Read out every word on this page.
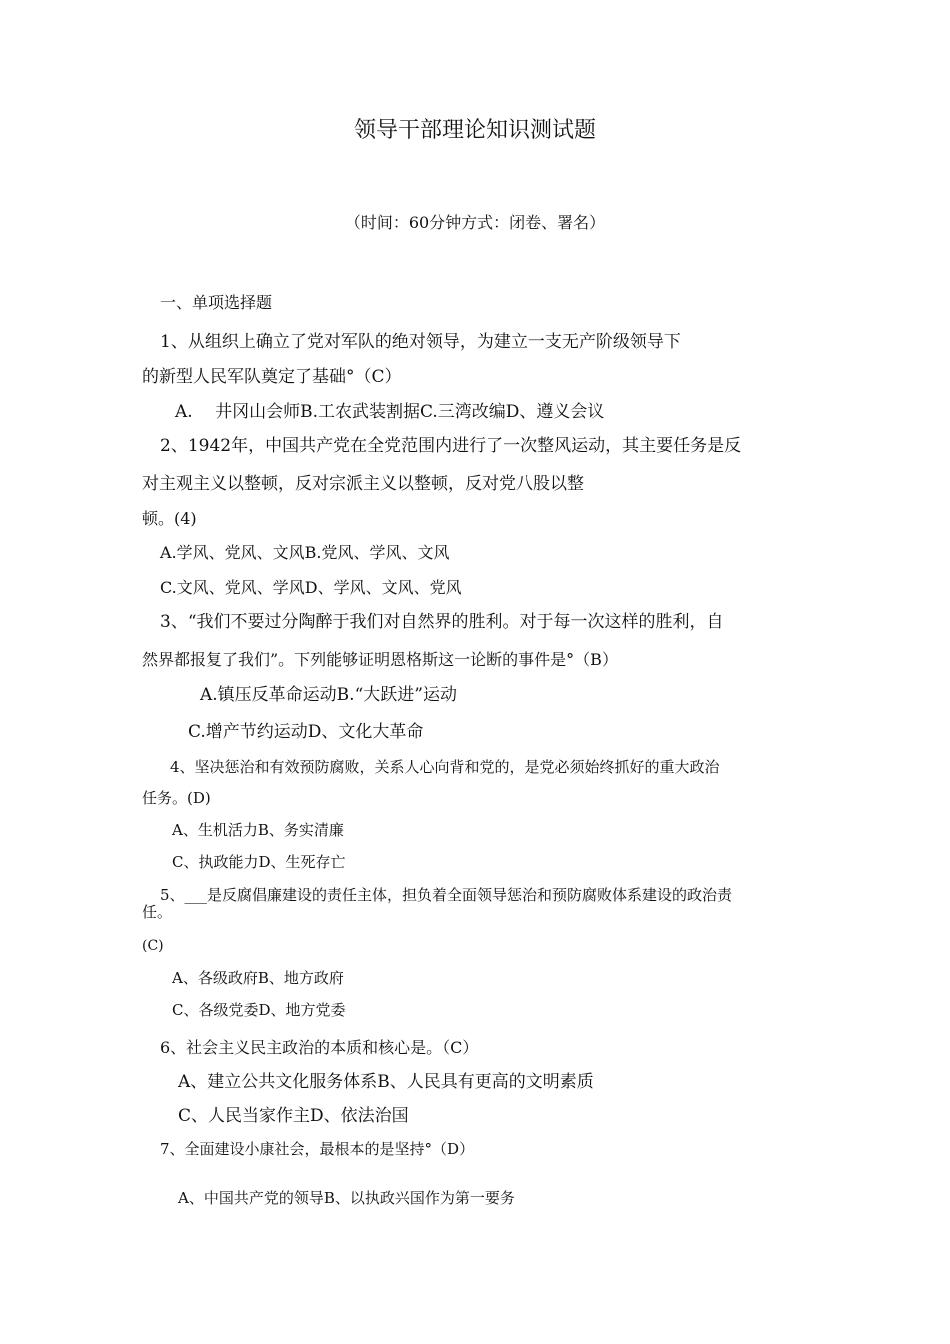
领导干部理论知识测试题
（时间：60分钟方式：闭卷、署名）
一、单项选择题
1、从组织上确立了党对军队的绝对领导，为建立一支无产阶级领导下
的新型人民军队奠定了基础°（C）
A.　 井冈山会师B.工农武装割据C.三湾改编D、遵义会议
2、1942年，中国共产党在全党范围内进行了一次整风运动，其主要任务是反
对主观主义以整顿，反对宗派主义以整顿，反对党八股以整
顿。(4)
A.学风、党风、文风B.党风、学风、文风
C.文风、党风、学风D、学风、文风、党风
3、“我们不要过分陶醉于我们对自然界的胜利。对于每一次这样的胜利，自
然界都报复了我们”。下列能够证明恩格斯这一论断的事件是°（B）
A.镇压反革命运动B.“大跃进”运动
C.增产节约运动D、文化大革命
4、坚决惩治和有效预防腐败，关系人心向背和党的，是党必须始终抓好的重大政治
任务。(D)
A、生机活力B、务实清廉
C、执政能力D、生死存亡
5、___是反腐倡廉建设的责任主体，担负着全面领导惩治和预防腐败体系建设的政治责
任。
(C)
A、各级政府B、地方政府
C、各级党委D、地方党委
6、社会主义民主政治的本质和核心是。（C）
A、建立公共文化服务体系B、人民具有更高的文明素质
C、人民当家作主D、依法治国
7、全面建设小康社会，最根本的是坚持°（D）
A、中国共产党的领导B、以执政兴国作为第一要务
